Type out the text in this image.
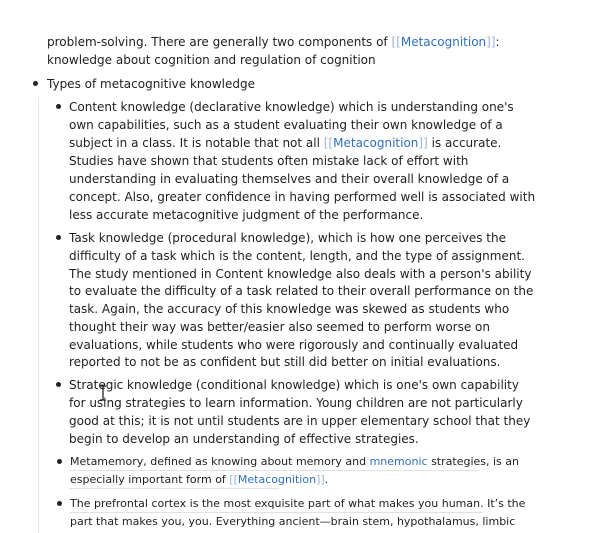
problem-solving. There are generally two components of [[Metacognition]]:
knowledge about cognition and regulation of cognition
Types of metacognitive knowledge
Content knowledge (declarative knowledge) which is understanding one's
own capabilities, such as a student evaluating their own knowledge of a
subject in a class. It is notable that not all [[Metacognition]] is accurate.
Studies have shown that students often mistake lack of effort with
understanding in evaluating themselves and their overall knowledge of a
concept. Also, greater confidence in having performed well is associated with
less accurate metacognitive judgment of the performance.
Task knowledge (procedural knowledge), which is how one perceives the
difficulty of a task which is the content, length, and the type of assignment.
The study mentioned in Content knowledge also deals with a person's ability
to evaluate the difficulty of a task related to their overall performance on the
task. Again, the accuracy of this knowledge was skewed as students who
thought their way was better/easier also seemed to perform worse on
evaluations, while students who were rigorously and continually evaluated
reported to not be as confident but still did better on initial evaluations.
Strategic knowledge (conditional knowledge) which is one's own capability
for using strategies to learn information. Young children are not particularly
good at this; it is not until students are in upper elementary school that they
begin to develop an understanding of effective strategies.
Metamemory, defined as knowing about memory and mnemonic strategies, is an
especially important form of [[Metacognition]].
The prefrontal cortex is the most exquisite part of what makes you human. It’s the
part that makes you, you. Everything ancient—brain stem, hypothalamus, limbic
